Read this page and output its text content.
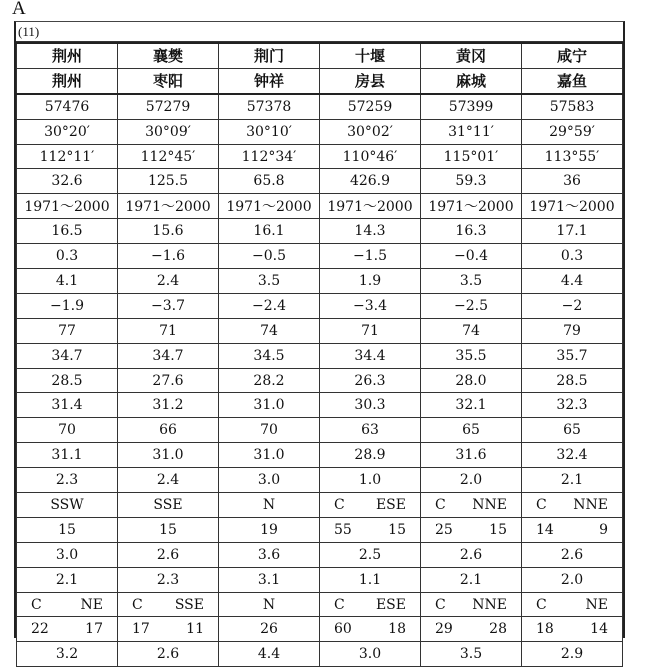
A
(11)
荆州	襄樊	荆门	十堰	黄冈	咸宁
荆州	枣阳	钟祥	房县	麻城	嘉鱼
57476	57279	57378	57259	57399	57583
30°20′	30°09′	30°10′	30°02′	31°11′	29°59′
112°11′	112°45′	112°34′	110°46′	115°01′	113°55′
32.6	125.5	65.8	426.9	59.3	36
1971～2000	1971～2000	1971～2000	1971～2000	1971～2000	1971～2000
16.5	15.6	16.1	14.3	16.3	17.1
0.3	−1.6	−0.5	−1.5	−0.4	0.3
4.1	2.4	3.5	1.9	3.5	4.4
−1.9	−3.7	−2.4	−3.4	−2.5	−2
77	71	74	71	74	79
34.7	34.7	34.5	34.4	35.5	35.7
28.5	27.6	28.2	26.3	28.0	28.5
31.4	31.2	31.0	30.3	32.1	32.3
70	66	70	63	65	65
31.1	31.0	31.0	28.9	31.6	32.4
2.3	2.4	3.0	1.0	2.0	2.1
SSW	SSE	N	C ESE	C NNE	C NNE
15	15	19	55 15	25 15	14 9
3.0	2.6	3.6	2.5	2.6	2.6
2.1	2.3	3.1	1.1	2.1	2.0
C NE	C SSE	N	C ESE	C NNE	C NE
22 17	17 11	26	60 18	29 28	18 14
3.2	2.6	4.4	3.0	3.5	2.9
